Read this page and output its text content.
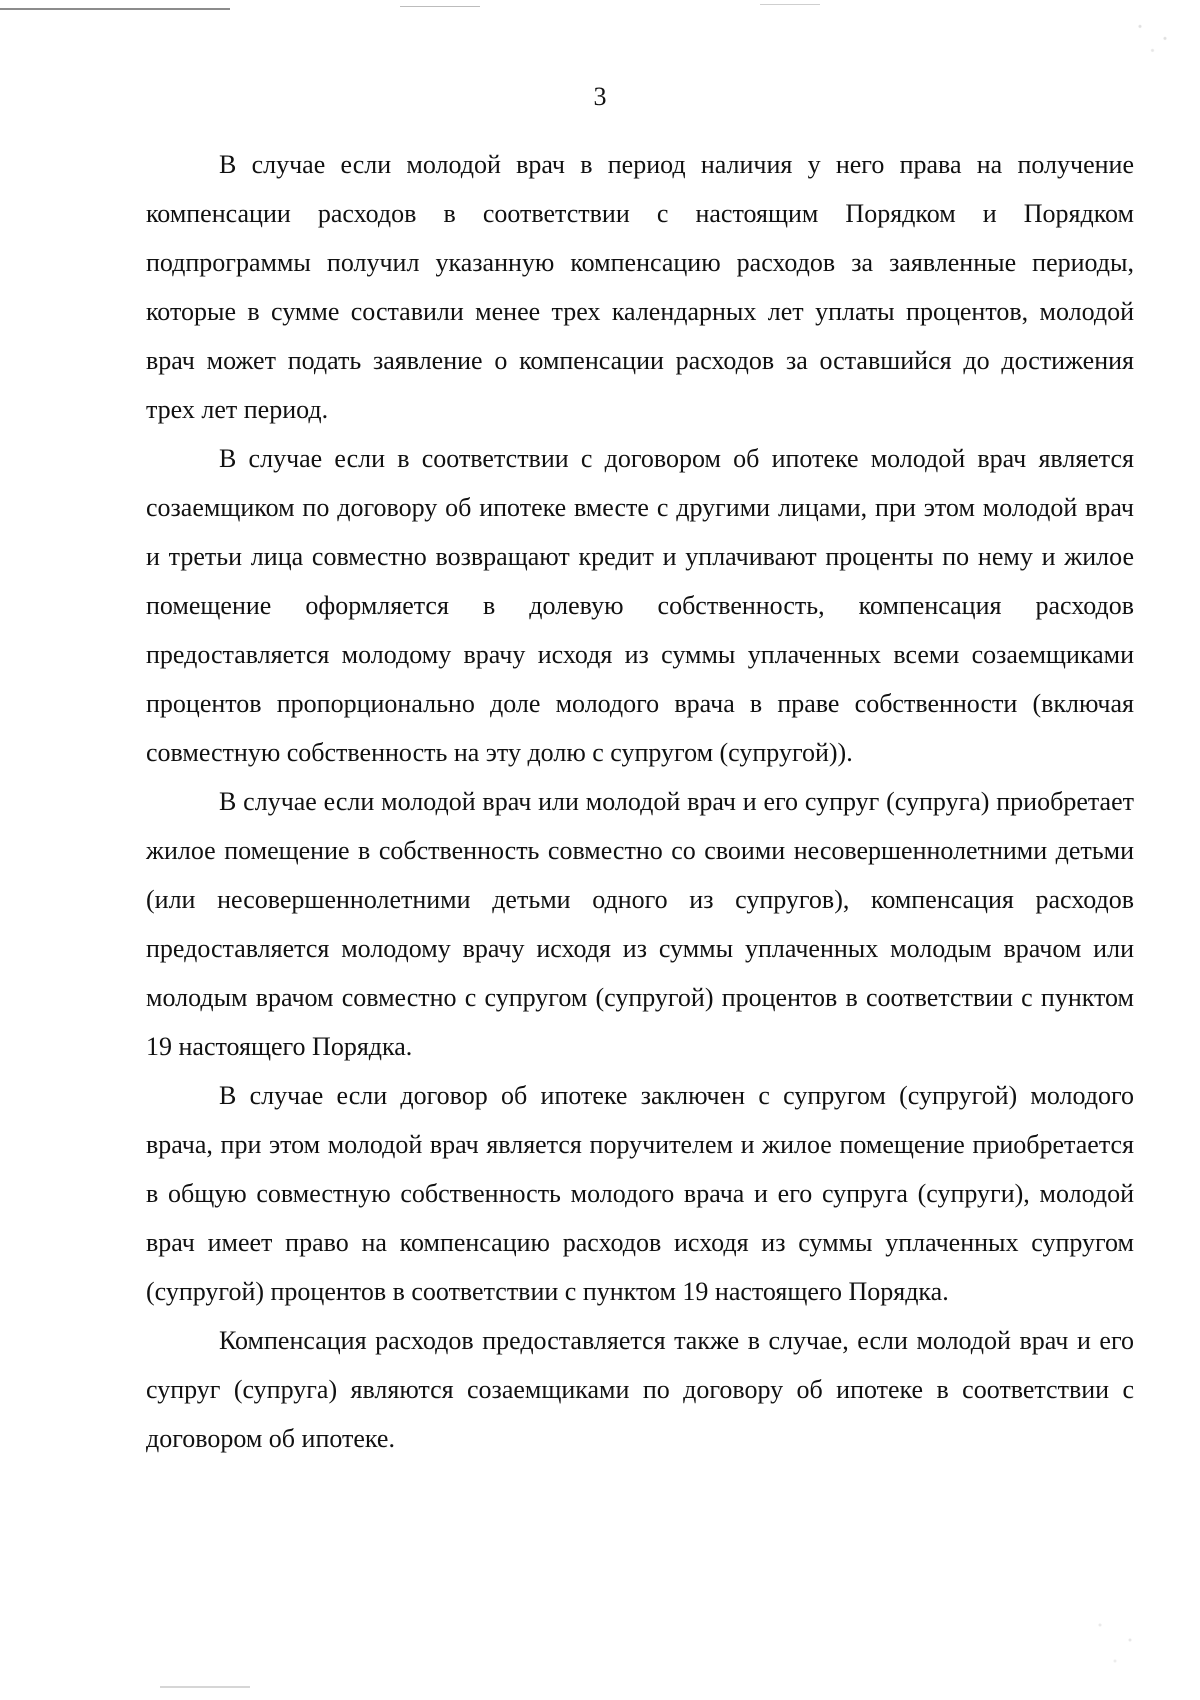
3

В случае если молодой врач в период наличия у него права на получение компенсации расходов в соответствии с настоящим Порядком и Порядком подпрограммы получил указанную компенсацию расходов за заявленные периоды, которые в сумме составили менее трех календарных лет уплаты процентов, молодой врач может подать заявление о компенсации расходов за оставшийся до достижения трех лет период.

В случае если в соответствии с договором об ипотеке молодой врач является созаемщиком по договору об ипотеке вместе с другими лицами, при этом молодой врач и третьи лица совместно возвращают кредит и уплачивают проценты по нему и жилое помещение оформляется в долевую собственность, компенсация расходов предоставляется молодому врачу исходя из суммы уплаченных всеми созаемщиками процентов пропорционально доле молодого врача в праве собственности (включая совместную собственность на эту долю с супругом (супругой)).

В случае если молодой врач или молодой врач и его супруг (супруга) приобретает жилое помещение в собственность совместно со своими несовершеннолетними детьми (или несовершеннолетними детьми одного из супругов), компенсация расходов предоставляется молодому врачу исходя из суммы уплаченных молодым врачом или молодым врачом совместно с супругом (супругой) процентов в соответствии с пунктом 19 настоящего Порядка.

В случае если договор об ипотеке заключен с супругом (супругой) молодого врача, при этом молодой врач является поручителем и жилое помещение приобретается в общую совместную собственность молодого врача и его супруга (супруги), молодой врач имеет право на компенсацию расходов исходя из суммы уплаченных супругом (супругой) процентов в соответствии с пунктом 19 настоящего Порядка.

Компенсация расходов предоставляется также в случае, если молодой врач и его супруг (супруга) являются созаемщиками по договору об ипотеке в соответствии с договором об ипотеке.
